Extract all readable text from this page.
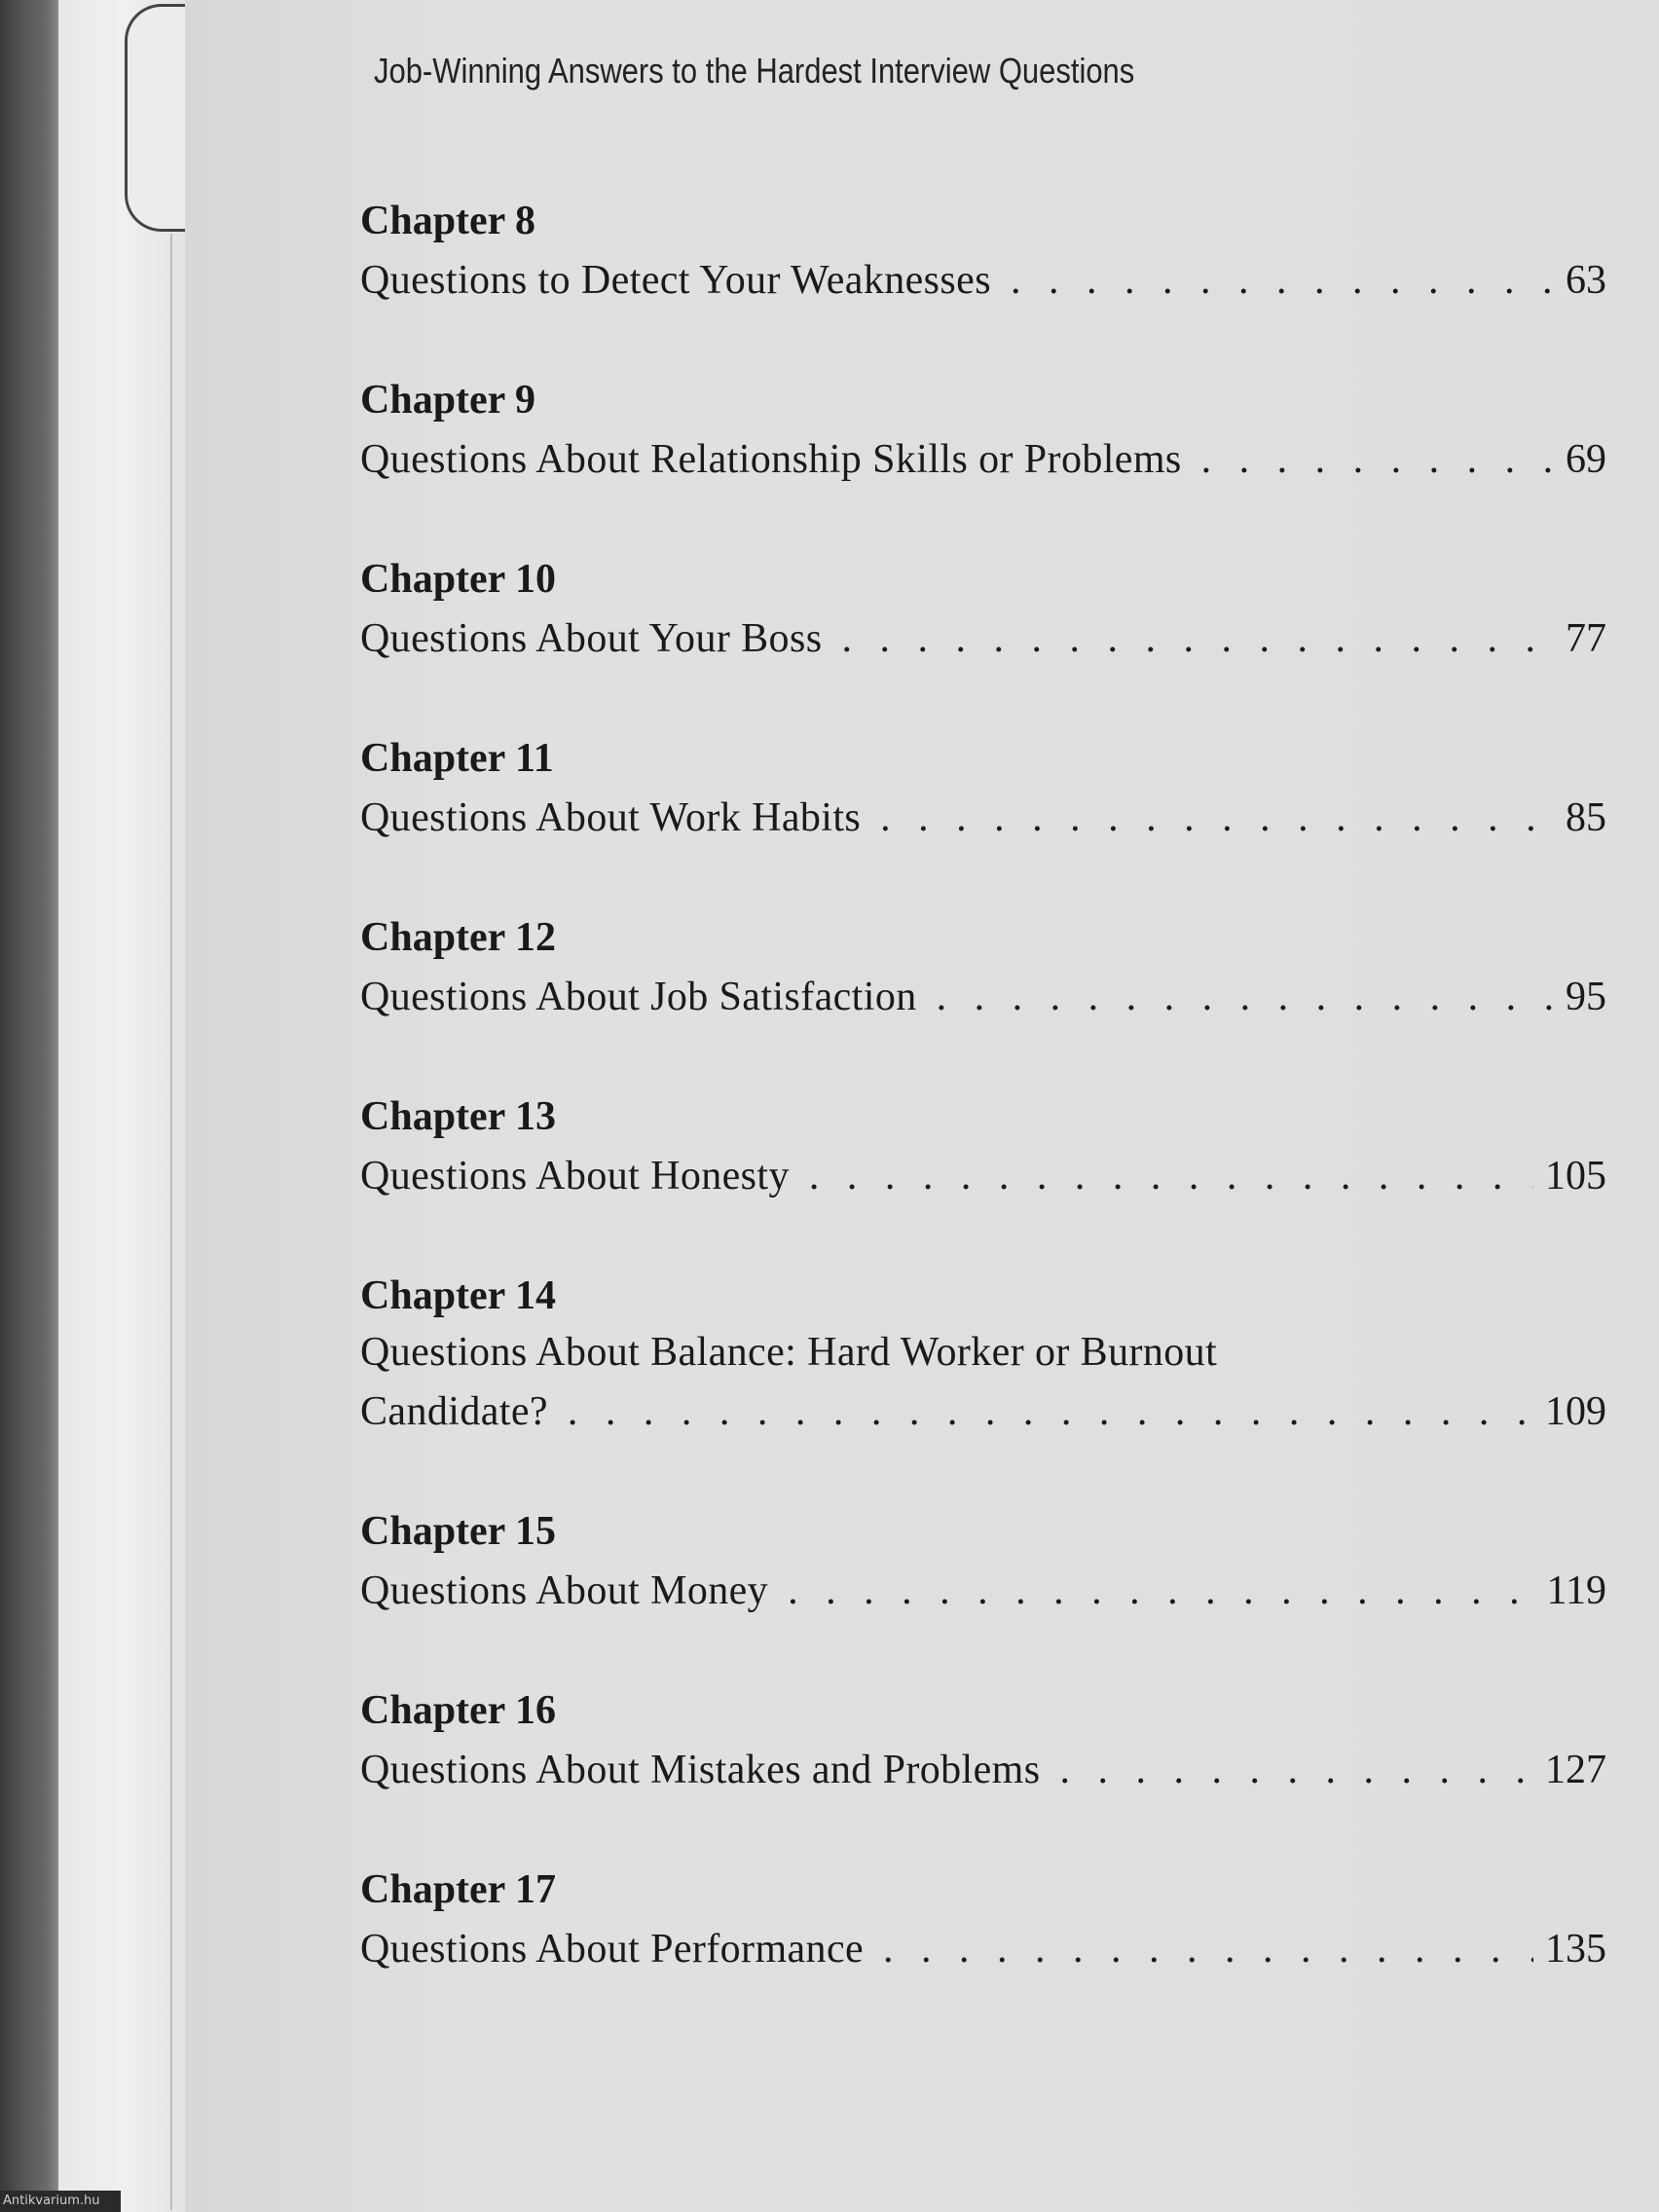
Job-Winning Answers to the Hardest Interview Questions
Chapter 8
Questions to Detect Your Weaknesses . . .	63
Chapter 9
Questions About Relationship Skills or Problems . . .	69
Chapter 10
Questions About Your Boss . . .	77
Chapter 11
Questions About Work Habits . . .	85
Chapter 12
Questions About Job Satisfaction . . .	95
Chapter 13
Questions About Honesty . . .	105
Chapter 14
Questions About Balance: Hard Worker or Burnout
Candidate? . . .	109
Chapter 15
Questions About Money . . .	119
Chapter 16
Questions About Mistakes and Problems . . .	127
Chapter 17
Questions About Performance . . .	135
Antikvarium.hu
